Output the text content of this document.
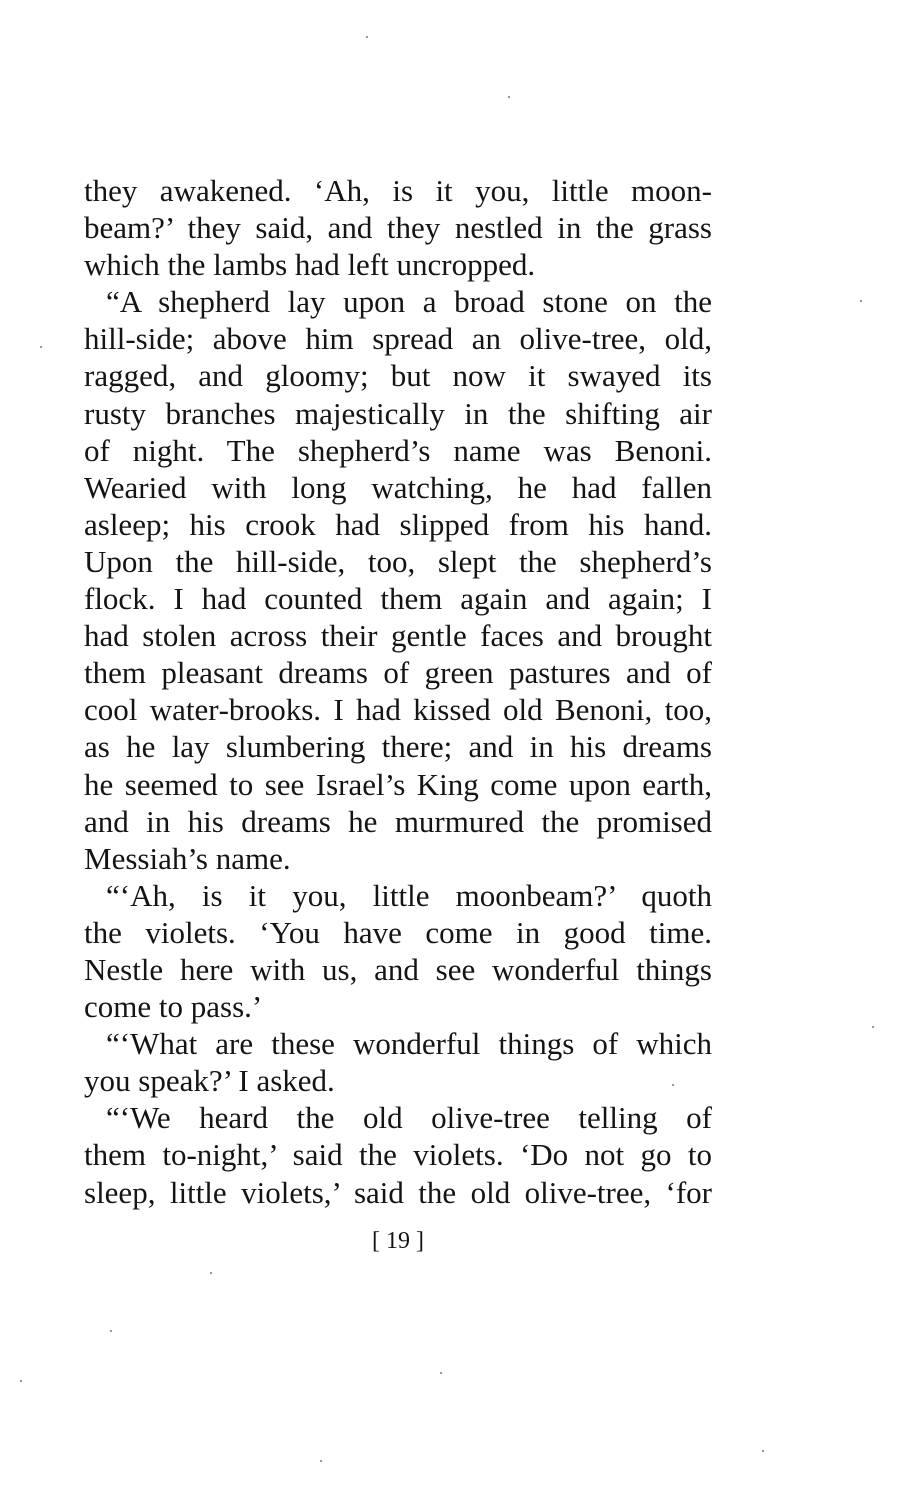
they awakened. ‘Ah, is it you, little moon‑
beam?’ they said, and they nestled in the grass
which the lambs had left uncropped.
“A shepherd lay upon a broad stone on the
hill‑side; above him spread an olive‑tree, old,
ragged, and gloomy; but now it swayed its
rusty branches majestically in the shifting air
of night. The shepherd’s name was Benoni.
Wearied with long watching, he had fallen
asleep; his crook had slipped from his hand.
Upon the hill‑side, too, slept the shepherd’s
flock. I had counted them again and again; I
had stolen across their gentle faces and brought
them pleasant dreams of green pastures and of
cool water‑brooks. I had kissed old Benoni, too,
as he lay slumbering there; and in his dreams
he seemed to see Israel’s King come upon earth,
and in his dreams he murmured the promised
Messiah’s name.
“‘Ah, is it you, little moonbeam?’ quoth
the violets. ‘You have come in good time.
Nestle here with us, and see wonderful things
come to pass.’
“‘What are these wonderful things of which
you speak?’ I asked.
“‘We heard the old olive‑tree telling of
them to‑night,’ said the violets. ‘Do not go to
sleep, little violets,’ said the old olive‑tree, ‘for
[ 19 ]
